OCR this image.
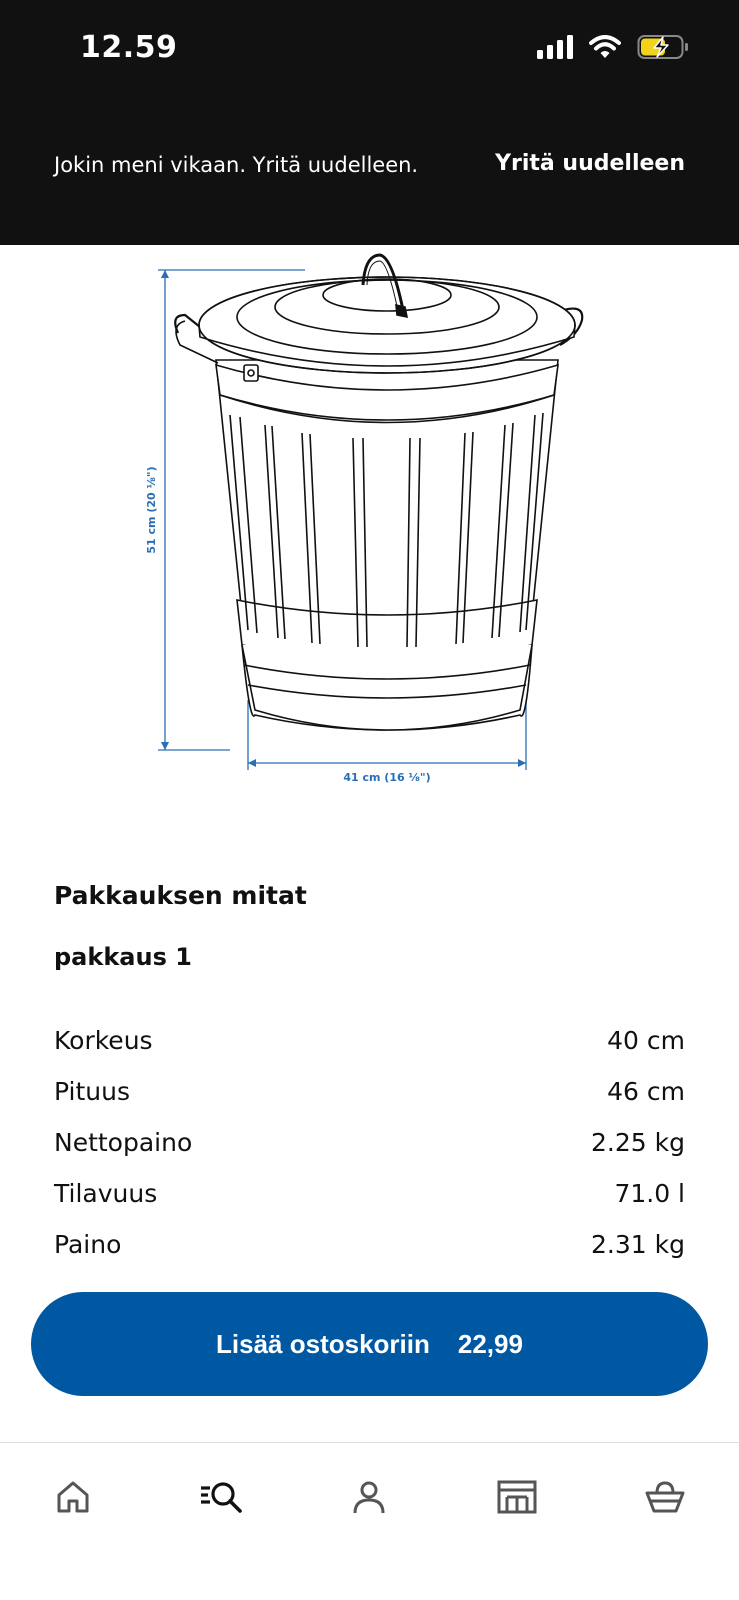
12.59
Jokin meni vikaan. Yritä uudelleen.	Yritä uudelleen
51 cm (20 ⅛")
41 cm (16 ⅛")
Pakkauksen mitat
pakkaus 1
Korkeus	40 cm
Pituus	46 cm
Nettopaino	2.25 kg
Tilavuus	71.0 l
Paino	2.31 kg
Lisää ostoskoriin 22,99
